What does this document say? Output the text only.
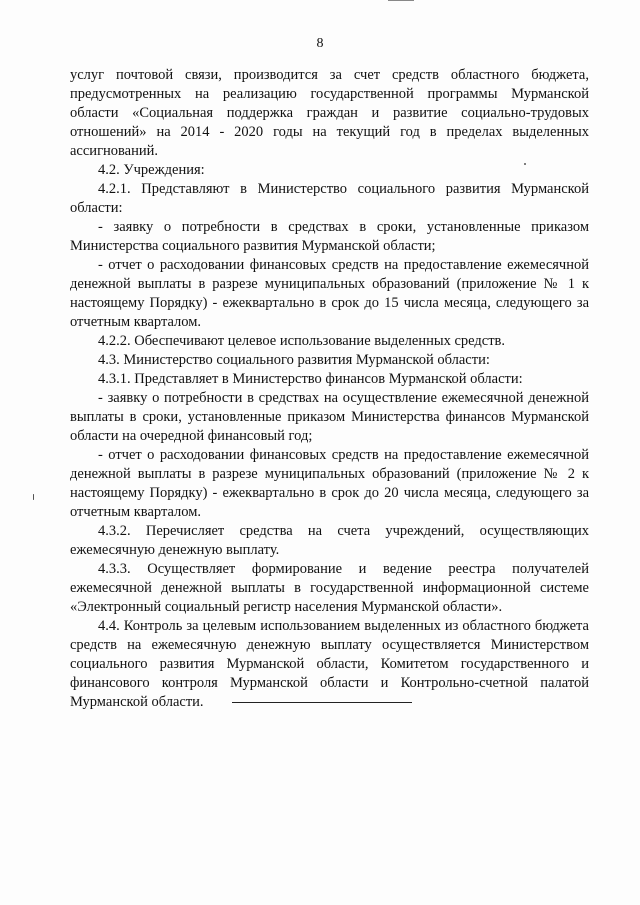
8

услуг почтовой связи, производится за счет средств областного бюджета, предусмотренных на реализацию государственной программы Мурманской области «Социальная поддержка граждан и развитие социально-трудовых отношений» на 2014 - 2020 годы на текущий год в пределах выделенных ассигнований.

4.2. Учреждения:

4.2.1. Представляют в Министерство социального развития Мурманской области:

- заявку о потребности в средствах в сроки, установленные приказом Министерства социального развития Мурманской области;

- отчет о расходовании финансовых средств на предоставление ежемесячной денежной выплаты в разрезе муниципальных образований (приложение № 1 к настоящему Порядку) - ежеквартально в срок до 15 числа месяца, следующего за отчетным кварталом.

4.2.2. Обеспечивают целевое использование выделенных средств.

4.3. Министерство социального развития Мурманской области:

4.3.1. Представляет в Министерство финансов Мурманской области:

- заявку о потребности в средствах на осуществление ежемесячной денежной выплаты в сроки, установленные приказом Министерства финансов Мурманской области на очередной финансовый год;

- отчет о расходовании финансовых средств на предоставление ежемесячной денежной выплаты в разрезе муниципальных образований (приложение № 2 к настоящему Порядку) - ежеквартально в срок до 20 числа месяца, следующего за отчетным кварталом.

4.3.2. Перечисляет средства на счета учреждений, осуществляющих ежемесячную денежную выплату.

4.3.3. Осуществляет формирование и ведение реестра получателей ежемесячной денежной выплаты в государственной информационной системе «Электронный социальный регистр населения Мурманской области».

4.4. Контроль за целевым использованием выделенных из областного бюджета средств на ежемесячную денежную выплату осуществляется Министерством социального развития Мурманской области, Комитетом государственного и финансового контроля Мурманской области и Контрольно-счетной палатой Мурманской области.
